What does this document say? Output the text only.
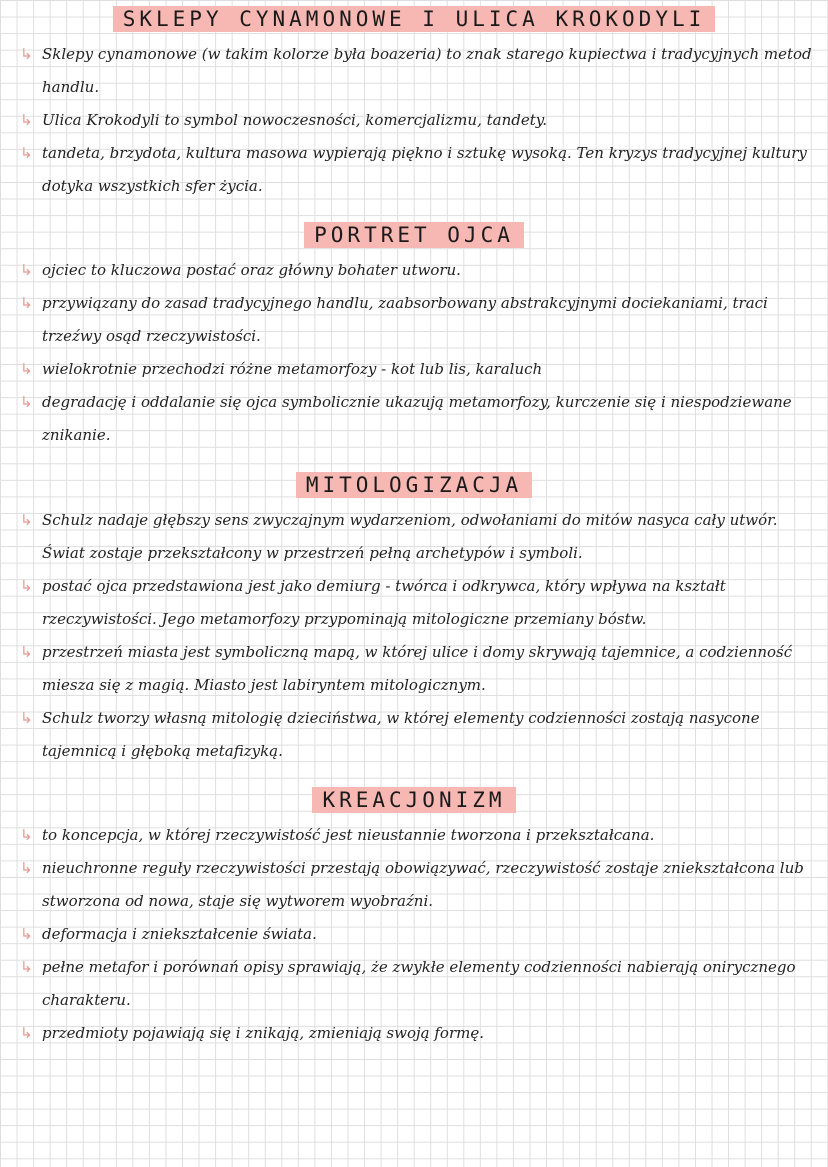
SKLEPY CYNAMONOWE I ULICA KROKODYLI
↳ Sklepy cynamonowe (w takim kolorze była boazeria) to znak starego kupiectwa i tradycyjnych metod handlu.
↳ Ulica Krokodyli to symbol nowoczesności, komercjalizmu, tandety.
↳ tandeta, brzydota, kultura masowa wypierają piękno i sztukę wysoką. Ten kryzys tradycyjnej kultury dotyka wszystkich sfer życia.
PORTRET OJCA
↳ ojciec to kluczowa postać oraz główny bohater utworu.
↳ przywiązany do zasad tradycyjnego handlu, zaabsorbowany abstrakcyjnymi dociekaniami, traci trzeźwy osąd rzeczywistości.
↳ wielokrotnie przechodzi różne metamorfozy - kot lub lis, karaluch
↳ degradację i oddalanie się ojca symbolicznie ukazują metamorfozy, kurczenie się i niespodziewane znikanie.
MITOLOGIZACJA
↳ Schulz nadaje głębszy sens zwyczajnym wydarzeniom, odwołaniami do mitów nasyca cały utwór. Świat zostaje przekształcony w przestrzeń pełną archetypów i symboli.
↳ postać ojca przedstawiona jest jako demiurg - twórca i odkrywca, który wpływa na kształt rzeczywistości. Jego metamorfozy przypominają mitologiczne przemiany bóstw.
↳ przestrzeń miasta jest symboliczną mapą, w której ulice i domy skrywają tajemnice, a codzienność miesza się z magią. Miasto jest labiryntem mitologicznym.
↳ Schulz tworzy własną mitologię dzieciństwa, w której elementy codzienności zostają nasycone tajemnicą i głęboką metafizyką.
KREACJONIZM
↳ to koncepcja, w której rzeczywistość jest nieustannie tworzona i przekształcana.
↳ nieuchronne reguły rzeczywistości przestają obowiązywać, rzeczywistość zostaje zniekształcona lub stworzona od nowa, staje się wytworem wyobraźni.
↳ deformacja i zniekształcenie świata.
↳ pełne metafor i porównań opisy sprawiają, że zwykłe elementy codzienności nabierają onirycznego charakteru.
↳ przedmioty pojawiają się i znikają, zmieniają swoją formę.
